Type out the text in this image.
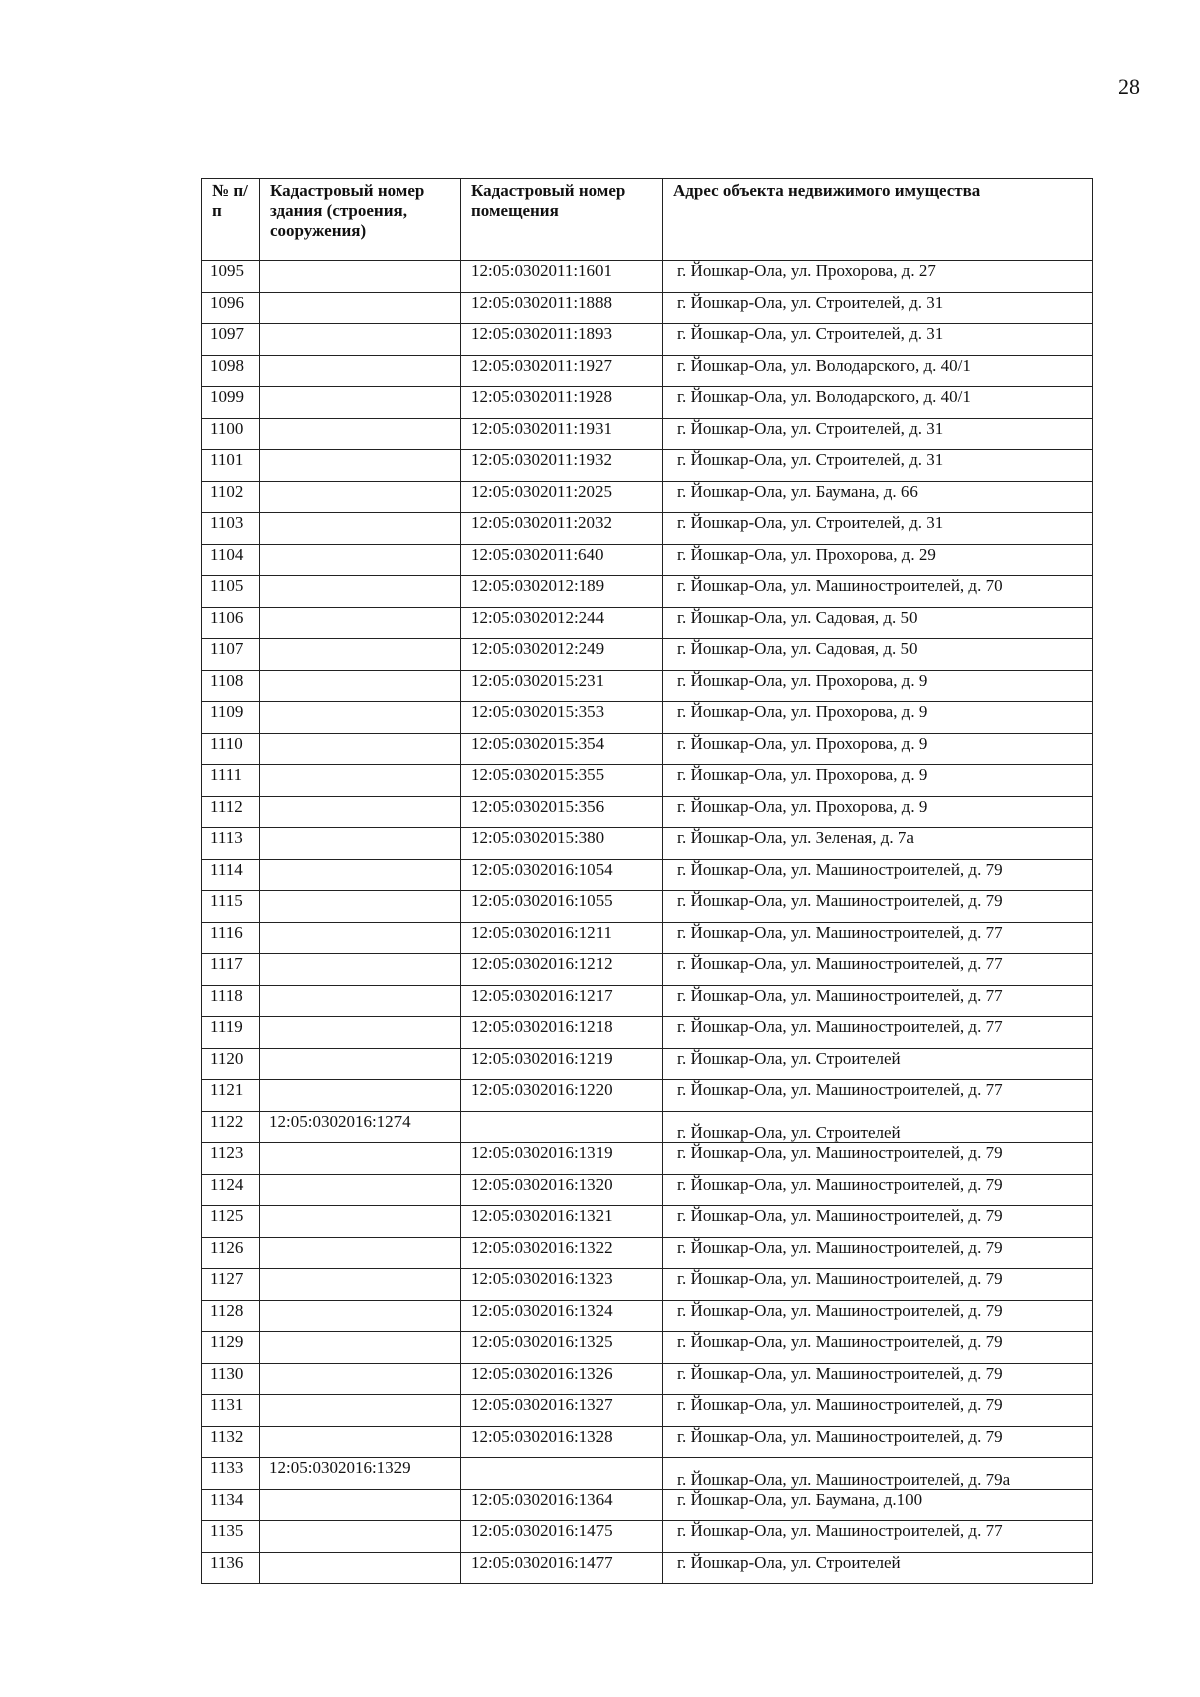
28
№ п/п	Кадастровый номер здания (строения, сооружения)	Кадастровый номер помещения	Адрес объекта недвижимого имущества
1095		12:05:0302011:1601	г. Йошкар-Ола, ул. Прохорова, д. 27
1096		12:05:0302011:1888	г. Йошкар-Ола, ул. Строителей, д. 31
1097		12:05:0302011:1893	г. Йошкар-Ола, ул. Строителей, д. 31
1098		12:05:0302011:1927	г. Йошкар-Ола, ул. Володарского, д. 40/1
1099		12:05:0302011:1928	г. Йошкар-Ола, ул. Володарского, д. 40/1
1100		12:05:0302011:1931	г. Йошкар-Ола, ул. Строителей, д. 31
1101		12:05:0302011:1932	г. Йошкар-Ола, ул. Строителей, д. 31
1102		12:05:0302011:2025	г. Йошкар-Ола, ул. Баумана, д. 66
1103		12:05:0302011:2032	г. Йошкар-Ола, ул. Строителей, д. 31
1104		12:05:0302011:640	г. Йошкар-Ола, ул. Прохорова, д. 29
1105		12:05:0302012:189	г. Йошкар-Ола, ул. Машиностроителей, д. 70
1106		12:05:0302012:244	г. Йошкар-Ола, ул. Садовая, д. 50
1107		12:05:0302012:249	г. Йошкар-Ола, ул. Садовая, д. 50
1108		12:05:0302015:231	г. Йошкар-Ола, ул. Прохорова, д. 9
1109		12:05:0302015:353	г. Йошкар-Ола, ул. Прохорова, д. 9
1110		12:05:0302015:354	г. Йошкар-Ола, ул. Прохорова, д. 9
1111		12:05:0302015:355	г. Йошкар-Ола, ул. Прохорова, д. 9
1112		12:05:0302015:356	г. Йошкар-Ола, ул. Прохорова, д. 9
1113		12:05:0302015:380	г. Йошкар-Ола, ул. Зеленая, д. 7а
1114		12:05:0302016:1054	г. Йошкар-Ола, ул. Машиностроителей, д. 79
1115		12:05:0302016:1055	г. Йошкар-Ола, ул. Машиностроителей, д. 79
1116		12:05:0302016:1211	г. Йошкар-Ола, ул. Машиностроителей, д. 77
1117		12:05:0302016:1212	г. Йошкар-Ола, ул. Машиностроителей, д. 77
1118		12:05:0302016:1217	г. Йошкар-Ола, ул. Машиностроителей, д. 77
1119		12:05:0302016:1218	г. Йошкар-Ола, ул. Машиностроителей, д. 77
1120		12:05:0302016:1219	г. Йошкар-Ола, ул. Строителей
1121		12:05:0302016:1220	г. Йошкар-Ола, ул. Машиностроителей, д. 77
1122	12:05:0302016:1274		г. Йошкар-Ола, ул. Строителей
1123		12:05:0302016:1319	г. Йошкар-Ола, ул. Машиностроителей, д. 79
1124		12:05:0302016:1320	г. Йошкар-Ола, ул. Машиностроителей, д. 79
1125		12:05:0302016:1321	г. Йошкар-Ола, ул. Машиностроителей, д. 79
1126		12:05:0302016:1322	г. Йошкар-Ола, ул. Машиностроителей, д. 79
1127		12:05:0302016:1323	г. Йошкар-Ола, ул. Машиностроителей, д. 79
1128		12:05:0302016:1324	г. Йошкар-Ола, ул. Машиностроителей, д. 79
1129		12:05:0302016:1325	г. Йошкар-Ола, ул. Машиностроителей, д. 79
1130		12:05:0302016:1326	г. Йошкар-Ола, ул. Машиностроителей, д. 79
1131		12:05:0302016:1327	г. Йошкар-Ола, ул. Машиностроителей, д. 79
1132		12:05:0302016:1328	г. Йошкар-Ола, ул. Машиностроителей, д. 79
1133	12:05:0302016:1329		г. Йошкар-Ола, ул. Машиностроителей, д. 79а
1134		12:05:0302016:1364	г. Йошкар-Ола, ул. Баумана, д.100
1135		12:05:0302016:1475	г. Йошкар-Ола, ул. Машиностроителей, д. 77
1136		12:05:0302016:1477	г. Йошкар-Ола, ул. Строителей
